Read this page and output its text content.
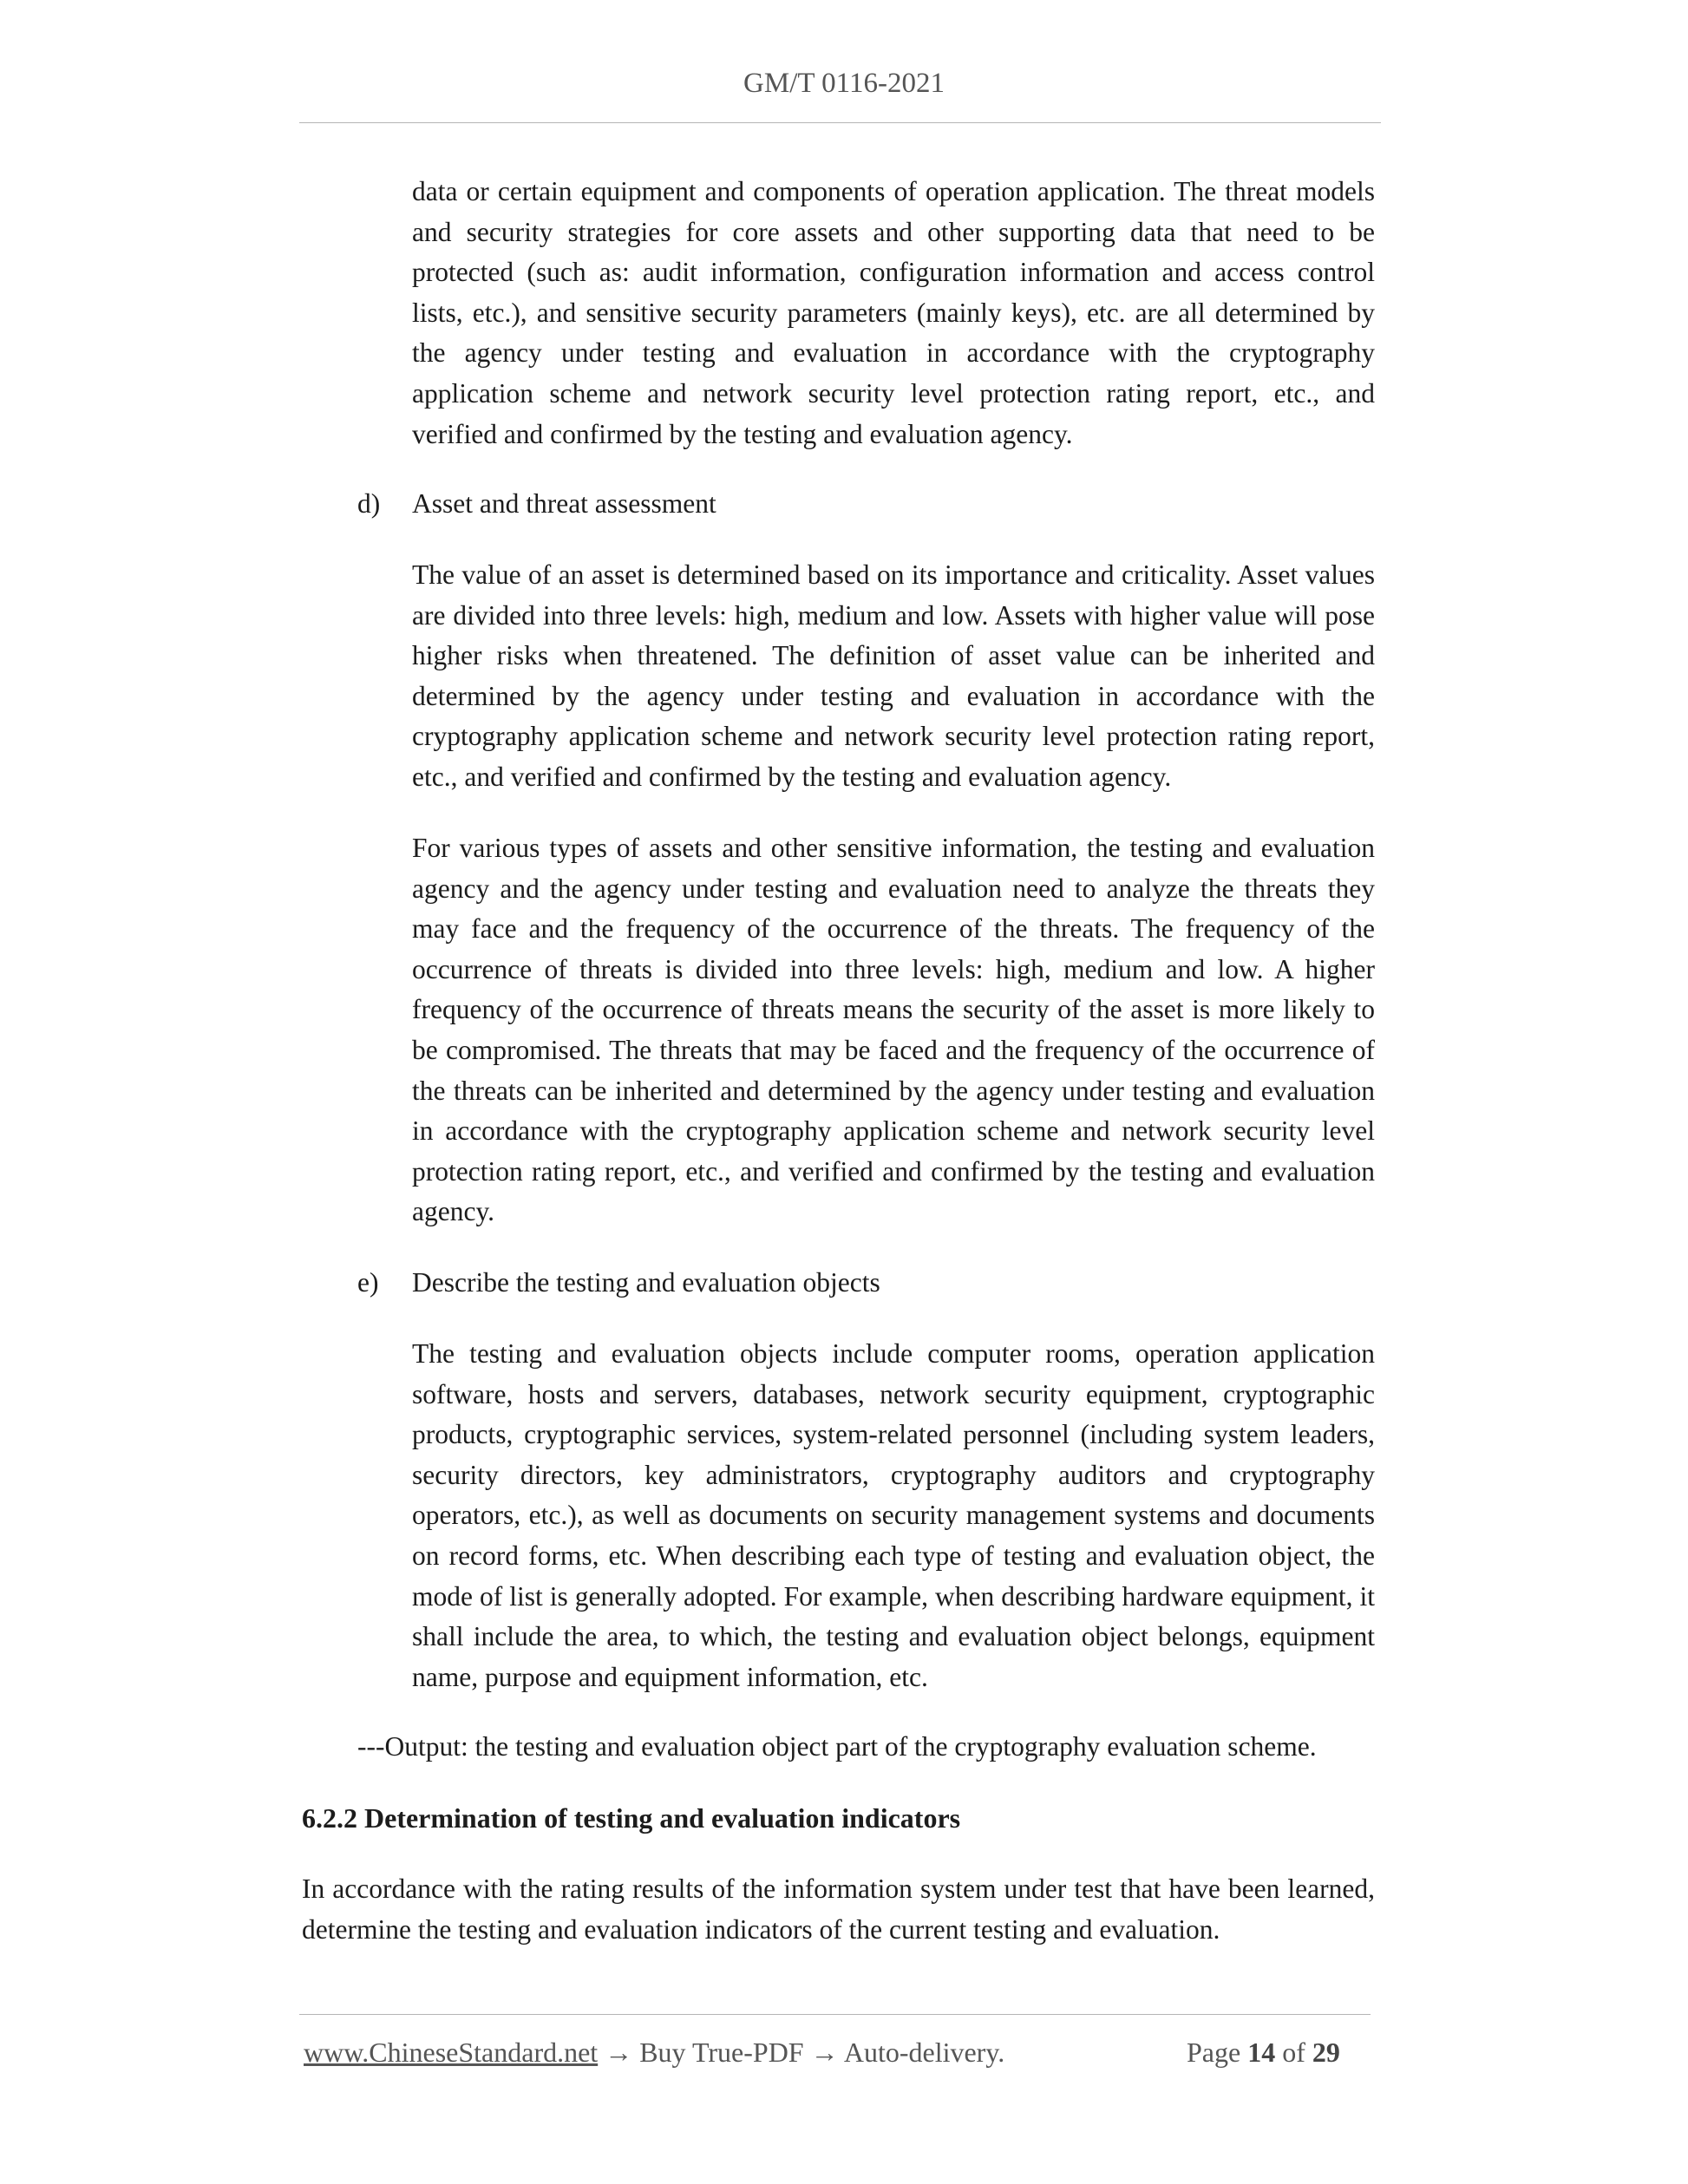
GM/T 0116-2021

data or certain equipment and components of operation application. The threat models and security strategies for core assets and other supporting data that need to be protected (such as: audit information, configuration information and access control lists, etc.), and sensitive security parameters (mainly keys), etc. are all determined by the agency under testing and evaluation in accordance with the cryptography application scheme and network security level protection rating report, etc., and verified and confirmed by the testing and evaluation agency.

d) Asset and threat assessment

The value of an asset is determined based on its importance and criticality. Asset values are divided into three levels: high, medium and low. Assets with higher value will pose higher risks when threatened. The definition of asset value can be inherited and determined by the agency under testing and evaluation in accordance with the cryptography application scheme and network security level protection rating report, etc., and verified and confirmed by the testing and evaluation agency.

For various types of assets and other sensitive information, the testing and evaluation agency and the agency under testing and evaluation need to analyze the threats they may face and the frequency of the occurrence of the threats. The frequency of the occurrence of threats is divided into three levels: high, medium and low. A higher frequency of the occurrence of threats means the security of the asset is more likely to be compromised. The threats that may be faced and the frequency of the occurrence of the threats can be inherited and determined by the agency under testing and evaluation in accordance with the cryptography application scheme and network security level protection rating report, etc., and verified and confirmed by the testing and evaluation agency.

e) Describe the testing and evaluation objects

The testing and evaluation objects include computer rooms, operation application software, hosts and servers, databases, network security equipment, cryptographic products, cryptographic services, system-related personnel (including system leaders, security directors, key administrators, cryptography auditors and cryptography operators, etc.), as well as documents on security management systems and documents on record forms, etc. When describing each type of testing and evaluation object, the mode of list is generally adopted. For example, when describing hardware equipment, it shall include the area, to which, the testing and evaluation object belongs, equipment name, purpose and equipment information, etc.

---Output: the testing and evaluation object part of the cryptography evaluation scheme.
6.2.2 Determination of testing and evaluation indicators

In accordance with the rating results of the information system under test that have been learned, determine the testing and evaluation indicators of the current testing and evaluation.

www.ChineseStandard.net → Buy True-PDF → Auto-delivery.	Page 14 of 29
